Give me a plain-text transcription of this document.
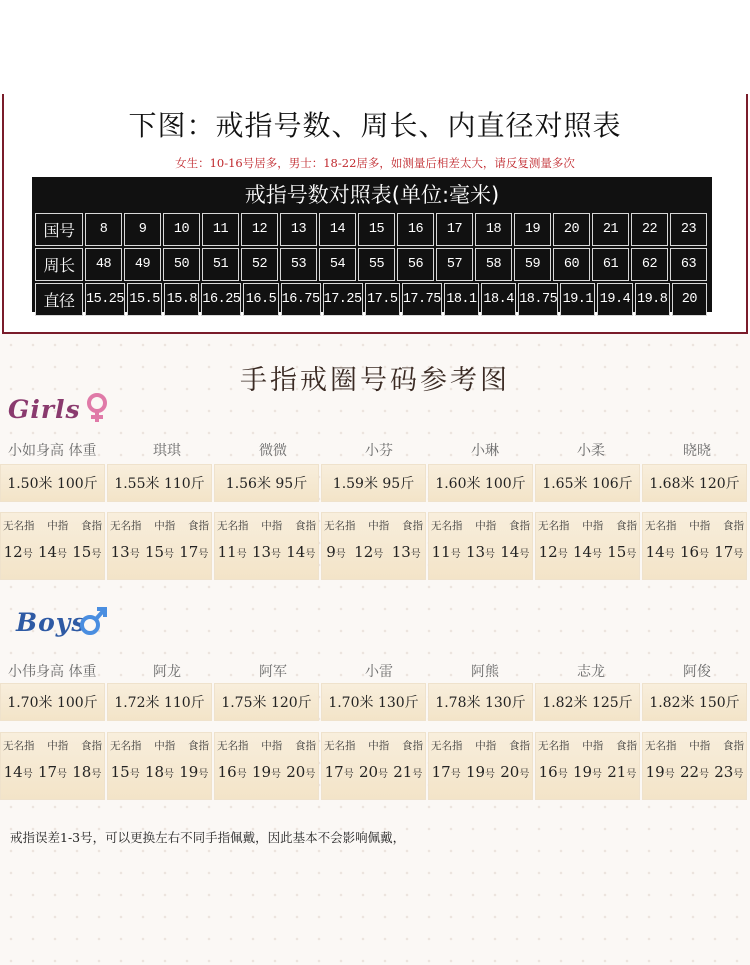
下图：戒指号数、周长、内直径对照表
女生：10-16号居多，男士：18-22居多，如测量后相差太大，请反复测量多次
戒指号数对照表(单位:毫米)
国号	8	9	10	11	12	13	14	15	16	17	18	19	20	21	22	23
周长	48	49	50	51	52	53	54	55	56	57	58	59	60	61	62	63
直径 15.25 15.5 15.8 16.25 16.5 16.75 17.25 17.5 17.75 18.1 18.4 18.75 19.1 19.4 19.8	20
手指戒圈号码参考图
Girls
小如身高 体重	琪琪	微微	小芬	小琳	小柔	晓晓
1.50米 100斤	1.55米 110斤	1.56米 95斤	1.59米 95斤	1.60米 100斤	1.65米 106斤	1.68米 120斤
无名指 中指 食指
12号 14号 15号
无名指 中指 食指
13号 15号 17号
无名指 中指 食指
11号 13号 14号
无名指 中指 食指
9号 12号 13号
无名指 中指 食指
11号 13号 14号
无名指 中指 食指
12号 14号 15号
无名指 中指 食指
14号 16号 17号
Boys
小伟身高 体重	阿龙	阿军	小雷	阿熊	志龙	阿俊
1.70米 100斤	1.72米 110斤	1.75米 120斤	1.70米 130斤	1.78米 130斤	1.82米 125斤	1.82米 150斤
无名指 中指 食指
14号 17号 18号
无名指 中指 食指
15号 18号 19号
无名指 中指 食指
16号 19号 20号
无名指 中指 食指
17号 20号 21号
无名指 中指 食指
17号 19号 20号
无名指 中指 食指
16号 19号 21号
无名指 中指 食指
19号 22号 23号
戒指误差1-3号，可以更换左右不同手指佩戴，因此基本不会影响佩戴，
